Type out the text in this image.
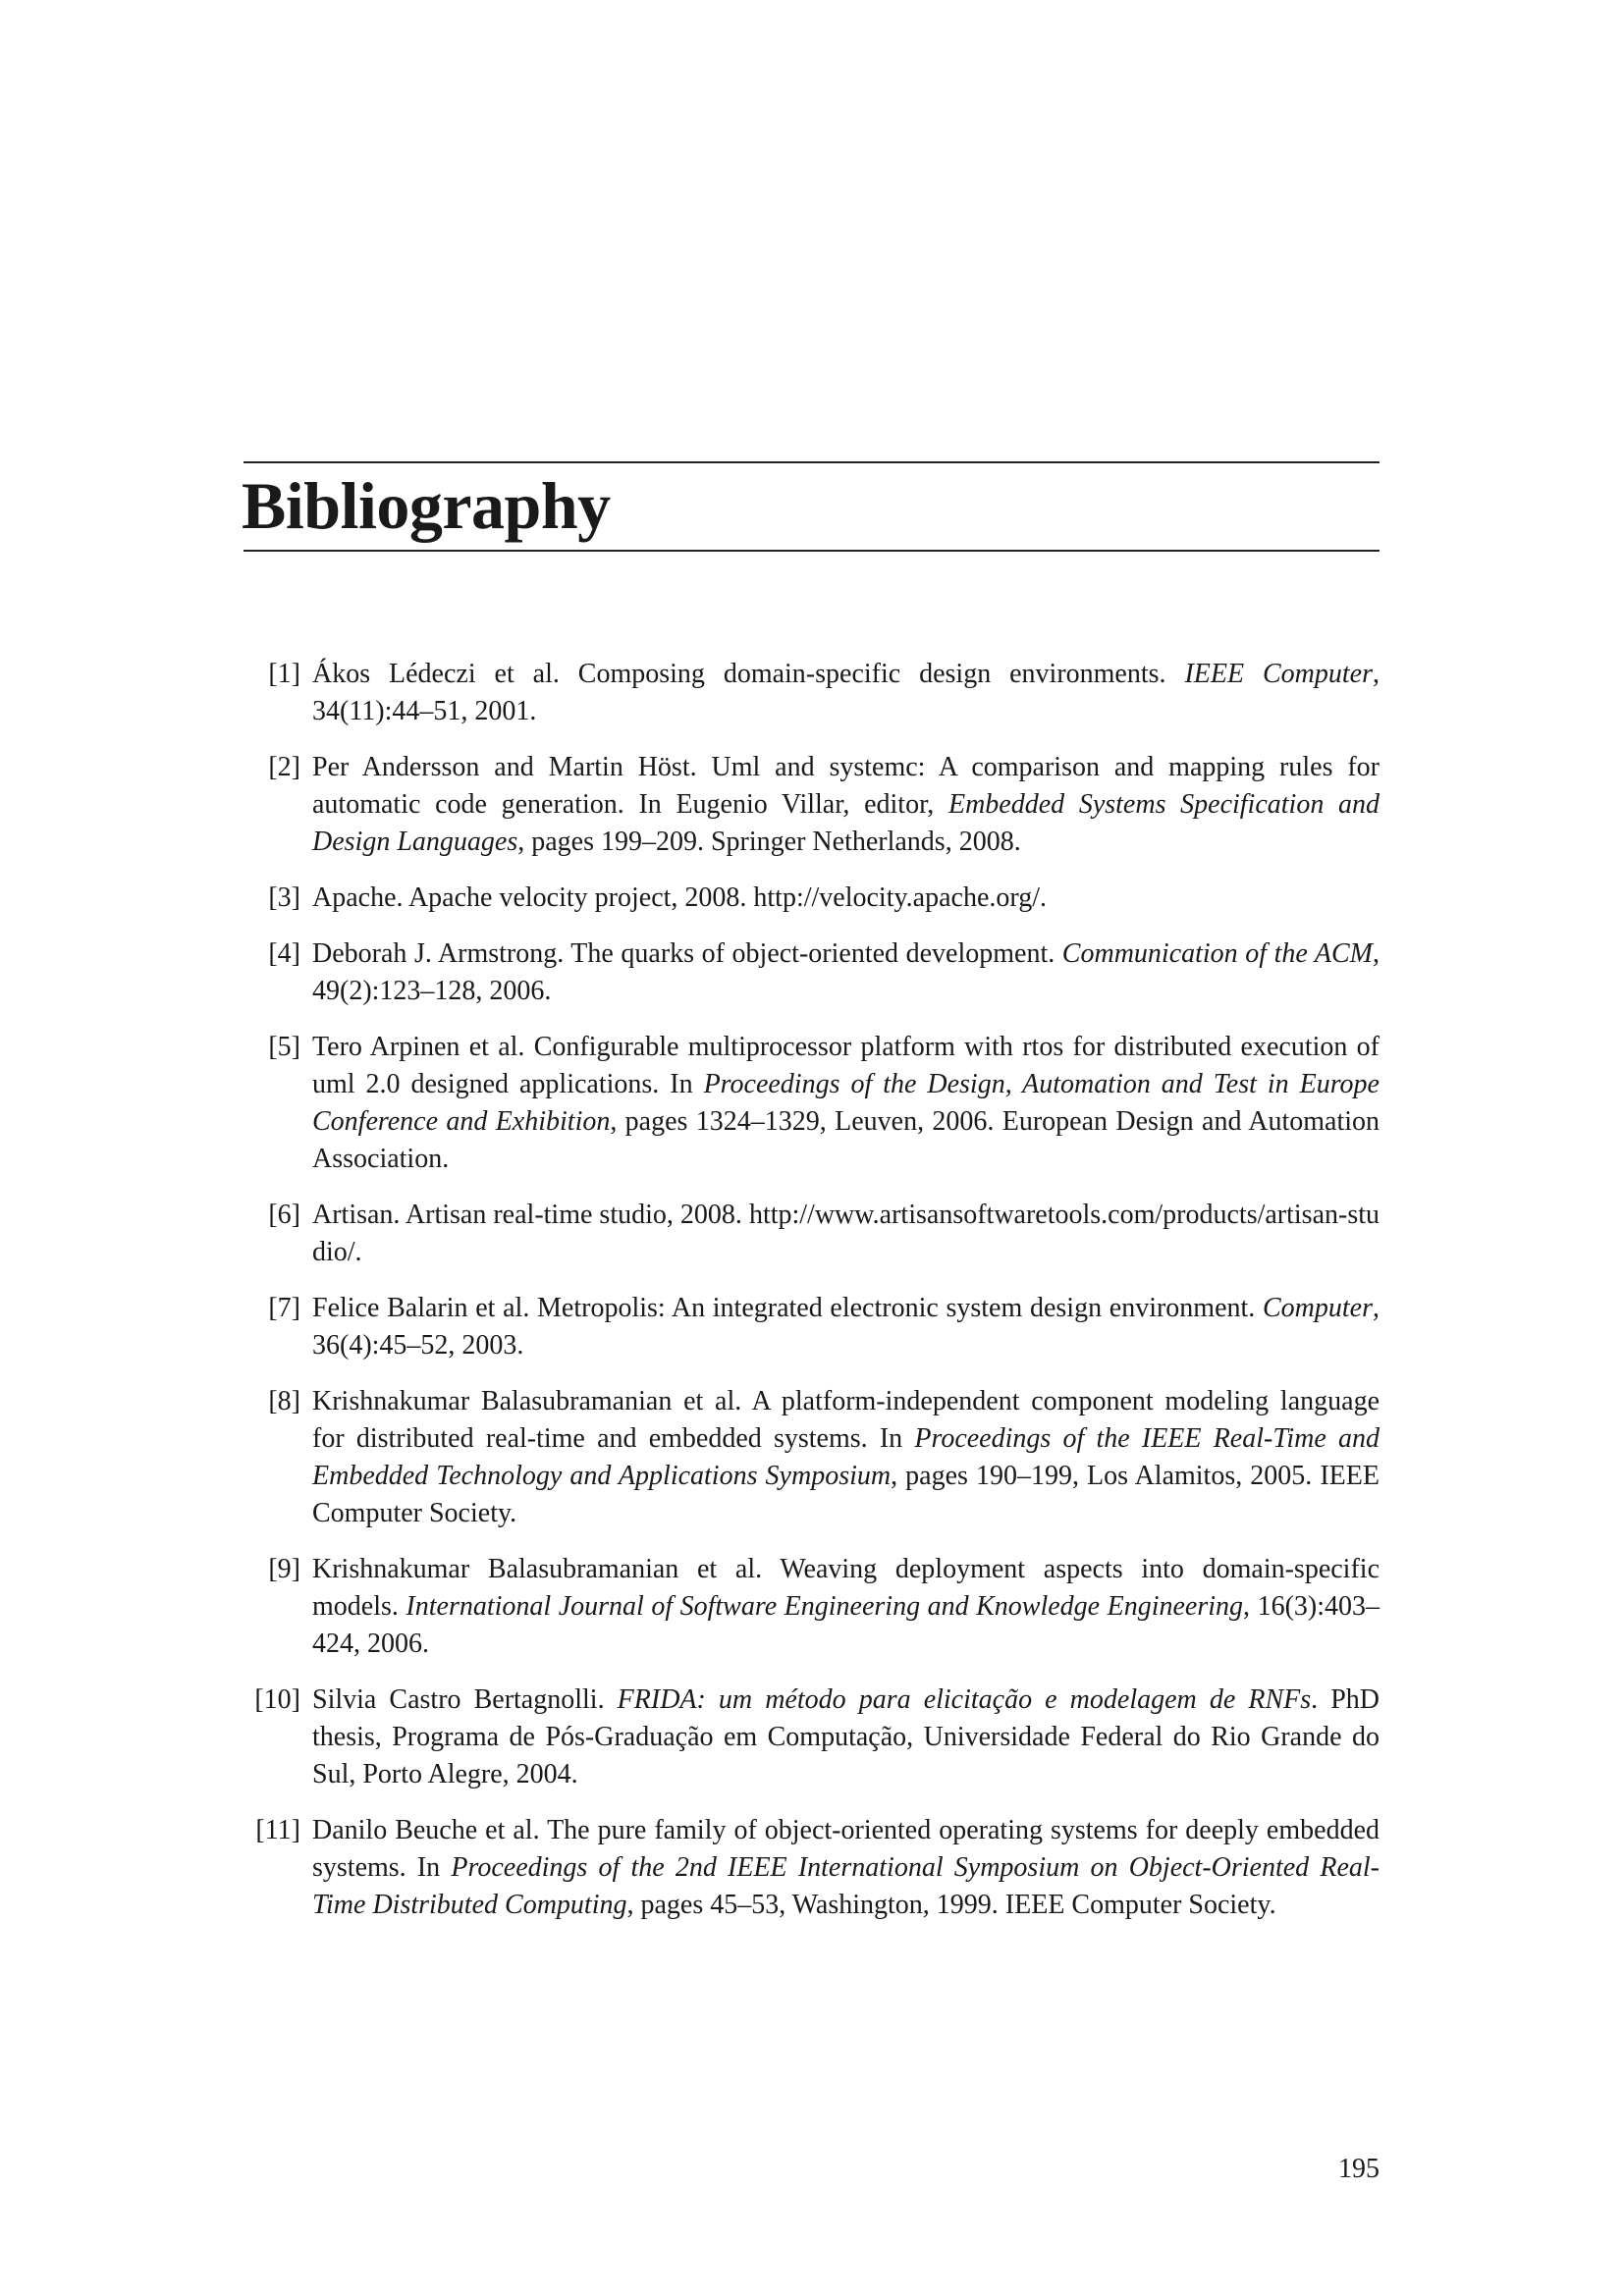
Bibliography
[1] Ákos Lédeczi et al. Composing domain-specific design environments. IEEE Computer, 34(11):44–51, 2001.
[2] Per Andersson and Martin Höst. Uml and systemc: A comparison and mapping rules for automatic code generation. In Eugenio Villar, editor, Embedded Systems Specification and Design Languages, pages 199–209. Springer Netherlands, 2008.
[3] Apache. Apache velocity project, 2008. http://velocity.apache.org/.
[4] Deborah J. Armstrong. The quarks of object-oriented development. Communication of the ACM, 49(2):123–128, 2006.
[5] Tero Arpinen et al. Configurable multiprocessor platform with rtos for distributed execution of uml 2.0 designed applications. In Proceedings of the Design, Automation and Test in Europe Conference and Exhibition, pages 1324–1329, Leuven, 2006. European Design and Automation Association.
[6] Artisan. Artisan real-time studio, 2008. http://www.artisansoftwaretools.com/products/artisan-studio/.
[7] Felice Balarin et al. Metropolis: An integrated electronic system design environment. Computer, 36(4):45–52, 2003.
[8] Krishnakumar Balasubramanian et al. A platform-independent component modeling language for distributed real-time and embedded systems. In Proceedings of the IEEE Real-Time and Embedded Technology and Applications Symposium, pages 190–199, Los Alamitos, 2005. IEEE Computer Society.
[9] Krishnakumar Balasubramanian et al. Weaving deployment aspects into domain-specific models. International Journal of Software Engineering and Knowledge Engineering, 16(3):403–424, 2006.
[10] Silvia Castro Bertagnolli. FRIDA: um método para elicitação e modelagem de RNFs. PhD thesis, Programa de Pós-Graduação em Computação, Universidade Federal do Rio Grande do Sul, Porto Alegre, 2004.
[11] Danilo Beuche et al. The pure family of object-oriented operating systems for deeply embedded systems. In Proceedings of the 2nd IEEE International Symposium on Object-Oriented Real-Time Distributed Computing, pages 45–53, Washington, 1999. IEEE Computer Society.
195
